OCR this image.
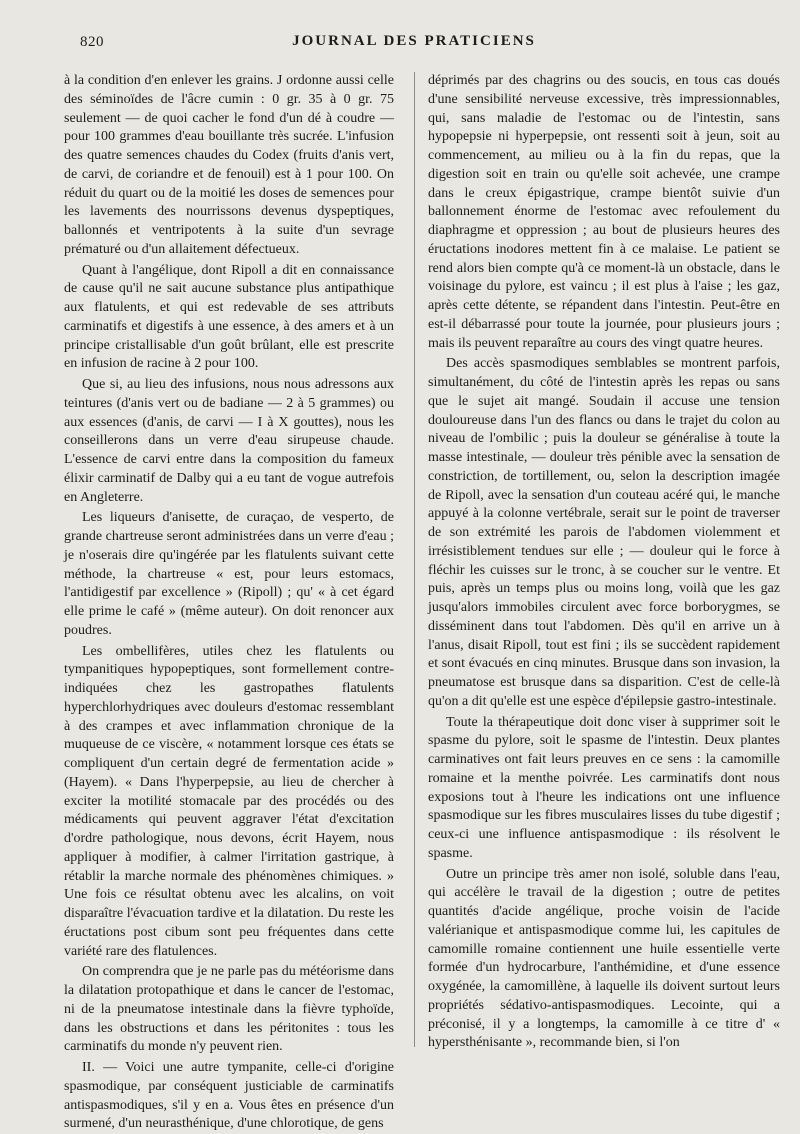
820	JOURNAL DES PRATICIENS

à la condition d'en enlever les grains. J ordonne aussi celle des séminoïdes de l'âcre cumin : 0 gr. 35 à 0 gr. 75 seulement — de quoi cacher le fond d'un dé à coudre — pour 100 grammes d'eau bouillante très sucrée. L'infusion des quatre semences chaudes du Codex (fruits d'anis vert, de carvi, de coriandre et de fenouil) est à 1 pour 100. On réduit du quart ou de la moitié les doses de semences pour les lavements des nourrissons devenus dyspeptiques, ballonnés et ventripotents à la suite d'un sevrage prématuré ou d'un allaitement défectueux.

Quant à l'angélique, dont Ripoll a dit en connaissance de cause qu'il ne sait aucune substance plus antipathique aux flatulents, et qui est redevable de ses attributs carminatifs et digestifs à une essence, à des amers et à un principe cristallisable d'un goût brûlant, elle est prescrite en infusion de racine à 2 pour 100.

Que si, au lieu des infusions, nous nous adressons aux teintures (d'anis vert ou de badiane — 2 à 5 grammes) ou aux essences (d'anis, de carvi — I à X gouttes), nous les conseillerons dans un verre d'eau sirupeuse chaude. L'essence de carvi entre dans la composition du fameux élixir carminatif de Dalby qui a eu tant de vogue autrefois en Angleterre.

Les liqueurs d'anisette, de curaçao, de vesperto, de grande chartreuse seront administrées dans un verre d'eau ; je n'oserais dire qu'ingérée par les flatulents suivant cette méthode, la chartreuse « est, pour leurs estomacs, l'antidigestif par excellence » (Ripoll) ; qu' « à cet égard elle prime le café » (même auteur). On doit renoncer aux poudres.

Les ombellifères, utiles chez les flatulents ou tympanitiques hypopeptiques, sont formellement contre-indiquées chez les gastropathes flatulents hyperchlorhydriques avec douleurs d'estomac ressemblant à des crampes et avec inflammation chronique de la muqueuse de ce viscère, « notamment lorsque ces états se compliquent d'un certain degré de fermentation acide » (Hayem). « Dans l'hyperpepsie, au lieu de chercher à exciter la motilité stomacale par des procédés ou des médicaments qui peuvent aggraver l'état d'excitation d'ordre pathologique, nous devons, écrit Hayem, nous appliquer à modifier, à calmer l'irritation gastrique, à rétablir la marche normale des phénomènes chimiques. » Une fois ce résultat obtenu avec les alcalins, on voit disparaître l'évacuation tardive et la dilatation. Du reste les éructations post cibum sont peu fréquentes dans cette variété rare des flatulences.

On comprendra que je ne parle pas du météorisme dans la dilatation protopathique et dans le cancer de l'estomac, ni de la pneumatose intestinale dans la fièvre typhoïde, dans les obstructions et dans les péritonites : tous les carminatifs du monde n'y peuvent rien.

II. — Voici une autre tympanite, celle-ci d'origine spasmodique, par conséquent justiciable de carminatifs antispasmodiques, s'il y en a. Vous êtes en présence d'un surmené, d'un neurasthénique, d'une chlorotique, de gens

déprimés par des chagrins ou des soucis, en tous cas doués d'une sensibilité nerveuse excessive, très impressionnables, qui, sans maladie de l'estomac ou de l'intestin, sans hypopepsie ni hyperpepsie, ont ressenti soit à jeun, soit au commencement, au milieu ou à la fin du repas, que la digestion soit en train ou qu'elle soit achevée, une crampe dans le creux épigastrique, crampe bientôt suivie d'un ballonnement énorme de l'estomac avec refoulement du diaphragme et oppression ; au bout de plusieurs heures des éructations inodores mettent fin à ce malaise. Le patient se rend alors bien compte qu'à ce moment-là un obstacle, dans le voisinage du pylore, est vaincu ; il est plus à l'aise ; les gaz, après cette détente, se répandent dans l'intestin. Peut-être en est-il débarrassé pour toute la journée, pour plusieurs jours ; mais ils peuvent reparaître au cours des vingt quatre heures.

Des accès spasmodiques semblables se montrent parfois, simultanément, du côté de l'intestin après les repas ou sans que le sujet ait mangé. Soudain il accuse une tension douloureuse dans l'un des flancs ou dans le trajet du colon au niveau de l'ombilic ; puis la douleur se généralise à toute la masse intestinale, — douleur très pénible avec la sensation de constriction, de tortillement, ou, selon la description imagée de Ripoll, avec la sensation d'un couteau acéré qui, le manche appuyé à la colonne vertébrale, serait sur le point de traverser de son extrémité les parois de l'abdomen violemment et irrésistiblement tendues sur elle ; — douleur qui le force à fléchir les cuisses sur le tronc, à se coucher sur le ventre. Et puis, après un temps plus ou moins long, voilà que les gaz jusqu'alors immobiles circulent avec force borborygmes, se disséminent dans tout l'abdomen. Dès qu'il en arrive un à l'anus, disait Ripoll, tout est fini ; ils se succèdent rapidement et sont évacués en cinq minutes. Brusque dans son invasion, la pneumatose est brusque dans sa disparition. C'est de celle-là qu'on a dit qu'elle est une espèce d'épilepsie gastro-intestinale.

Toute la thérapeutique doit donc viser à supprimer soit le spasme du pylore, soit le spasme de l'intestin. Deux plantes carminatives ont fait leurs preuves en ce sens : la camomille romaine et la menthe poivrée. Les carminatifs dont nous exposions tout à l'heure les indications ont une influence spasmodique sur les fibres musculaires lisses du tube digestif ; ceux-ci une influence antispasmodique : ils résolvent le spasme.

Outre un principe très amer non isolé, soluble dans l'eau, qui accélère le travail de la digestion ; outre de petites quantités d'acide angélique, proche voisin de l'acide valérianique et antispasmodique comme lui, les capitules de camomille romaine contiennent une huile essentielle verte formée d'un hydrocarbure, l'anthémidine, et d'une essence oxygénée, la camomillène, à laquelle ils doivent surtout leurs propriétés sédativo-antispasmodiques. Lecointe, qui a préconisé, il y a longtemps, la camomille à ce titre d' « hypersthénisante », recommande bien, si l'on
